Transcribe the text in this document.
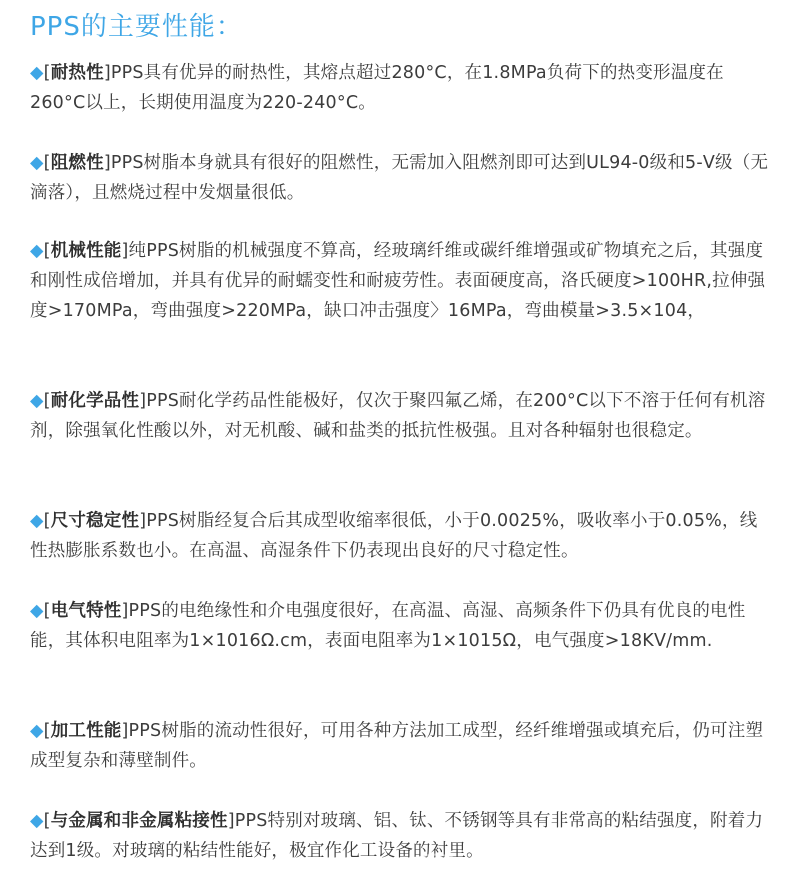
PPS的主要性能：

◆[耐热性]PPS具有优异的耐热性，其熔点超过280°C，在1.8MPa负荷下的热变形温度在260°C以上，长期使用温度为220-240°C。

◆[阻燃性]PPS树脂本身就具有很好的阻燃性，无需加入阻燃剂即可达到UL94-0级和5-V级（无滴落），且燃烧过程中发烟量很低。

◆[机械性能]纯PPS树脂的机械强度不算高，经玻璃纤维或碳纤维增强或矿物填充之后，其强度和刚性成倍增加，并具有优异的耐蠕变性和耐疲劳性。表面硬度高，洛氏硬度>100HR,拉伸强度>170MPa，弯曲强度>220MPa，缺口冲击强度〉16MPa，弯曲模量>3.5×104，

◆[耐化学品性]PPS耐化学药品性能极好，仅次于聚四氟乙烯，在200°C以下不溶于任何有机溶剂，除强氧化性酸以外，对无机酸、碱和盐类的抵抗性极强。且对各种辐射也很稳定。

◆[尺寸稳定性]PPS树脂经复合后其成型收缩率很低，小于0.0025%，吸收率小于0.05%，线性热膨胀系数也小。在高温、高湿条件下仍表现出良好的尺寸稳定性。

◆[电气特性]PPS的电绝缘性和介电强度很好，在高温、高湿、高频条件下仍具有优良的电性能，其体积电阻率为1×1016Ω.cm，表面电阻率为1×1015Ω，电气强度>18KV/mm.

◆[加工性能]PPS树脂的流动性很好，可用各种方法加工成型，经纤维增强或填充后，仍可注塑成型复杂和薄壁制件。

◆[与金属和非金属粘接性]PPS特别对玻璃、铝、钛、不锈钢等具有非常高的粘结强度，附着力达到1级。对玻璃的粘结性能好，极宜作化工设备的衬里。
